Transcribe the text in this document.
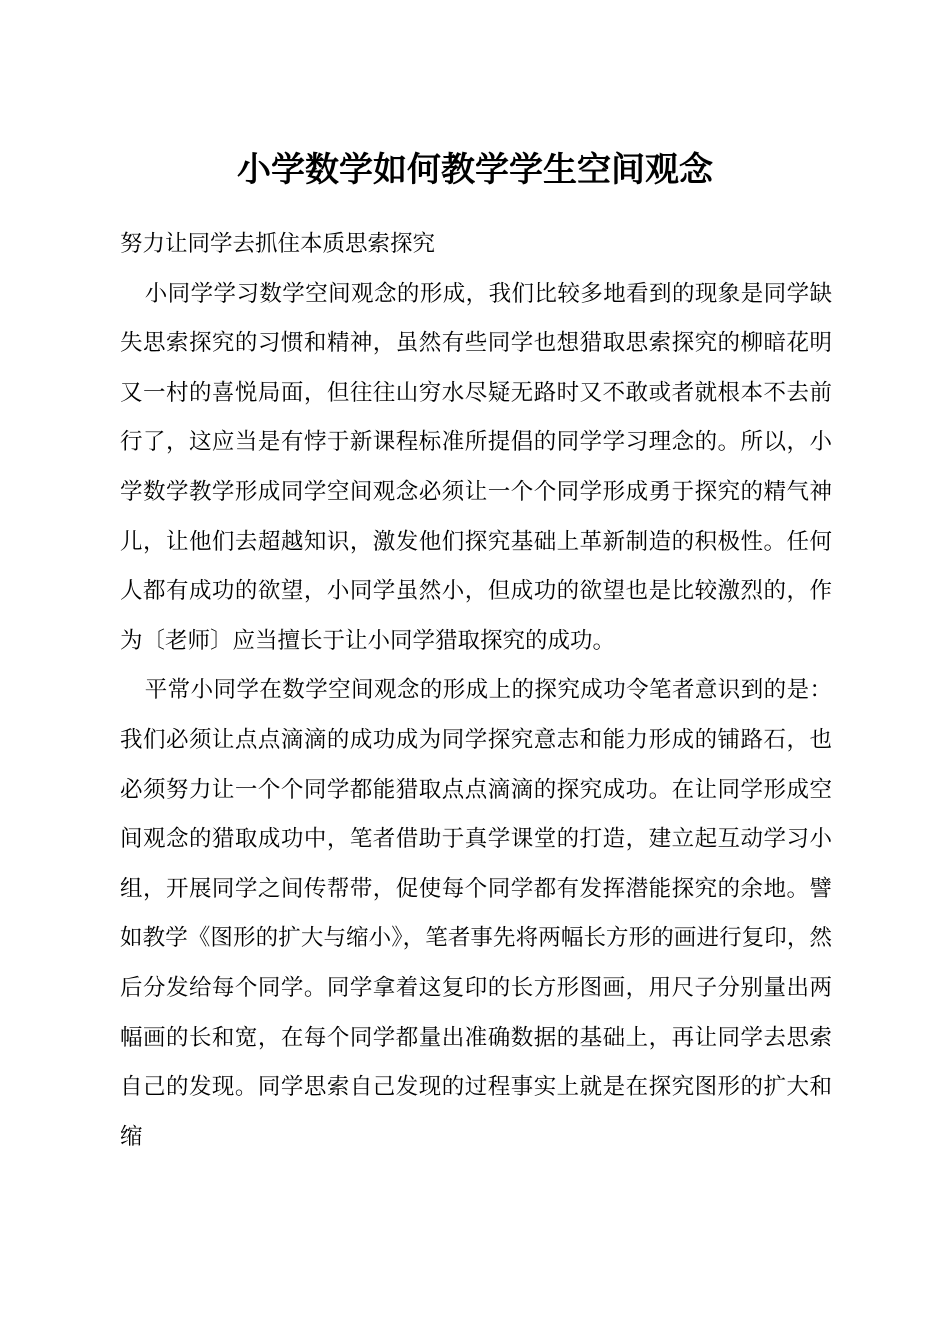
小学数学如何教学学生空间观念

努力让同学去抓住本质思索探究

小同学学习数学空间观念的形成，我们比较多地看到的现象是同学缺失思索探究的习惯和精神，虽然有些同学也想猎取思索探究的柳暗花明又一村的喜悦局面，但往往山穷水尽疑无路时又不敢或者就根本不去前行了，这应当是有悖于新课程标准所提倡的同学学习理念的。所以，小学数学教学形成同学空间观念必须让一个个同学形成勇于探究的精气神儿，让他们去超越知识，激发他们探究基础上革新制造的积极性。任何人都有成功的欲望，小同学虽然小，但成功的欲望也是比较激烈的，作为〔老师〕应当擅长于让小同学猎取探究的成功。

平常小同学在数学空间观念的形成上的探究成功令笔者意识到的是：我们必须让点点滴滴的成功成为同学探究意志和能力形成的铺路石，也必须努力让一个个同学都能猎取点点滴滴的探究成功。在让同学形成空间观念的猎取成功中，笔者借助于真学课堂的打造，建立起互动学习小组，开展同学之间传帮带，促使每个同学都有发挥潜能探究的余地。譬如教学《图形的扩大与缩小》，笔者事先将两幅长方形的画进行复印，然后分发给每个同学。同学拿着这复印的长方形图画，用尺子分别量出两幅画的长和宽，在每个同学都量出准确数据的基础上，再让同学去思索自己的发现。同学思索自己发现的过程事实上就是在探究图形的扩大和缩
